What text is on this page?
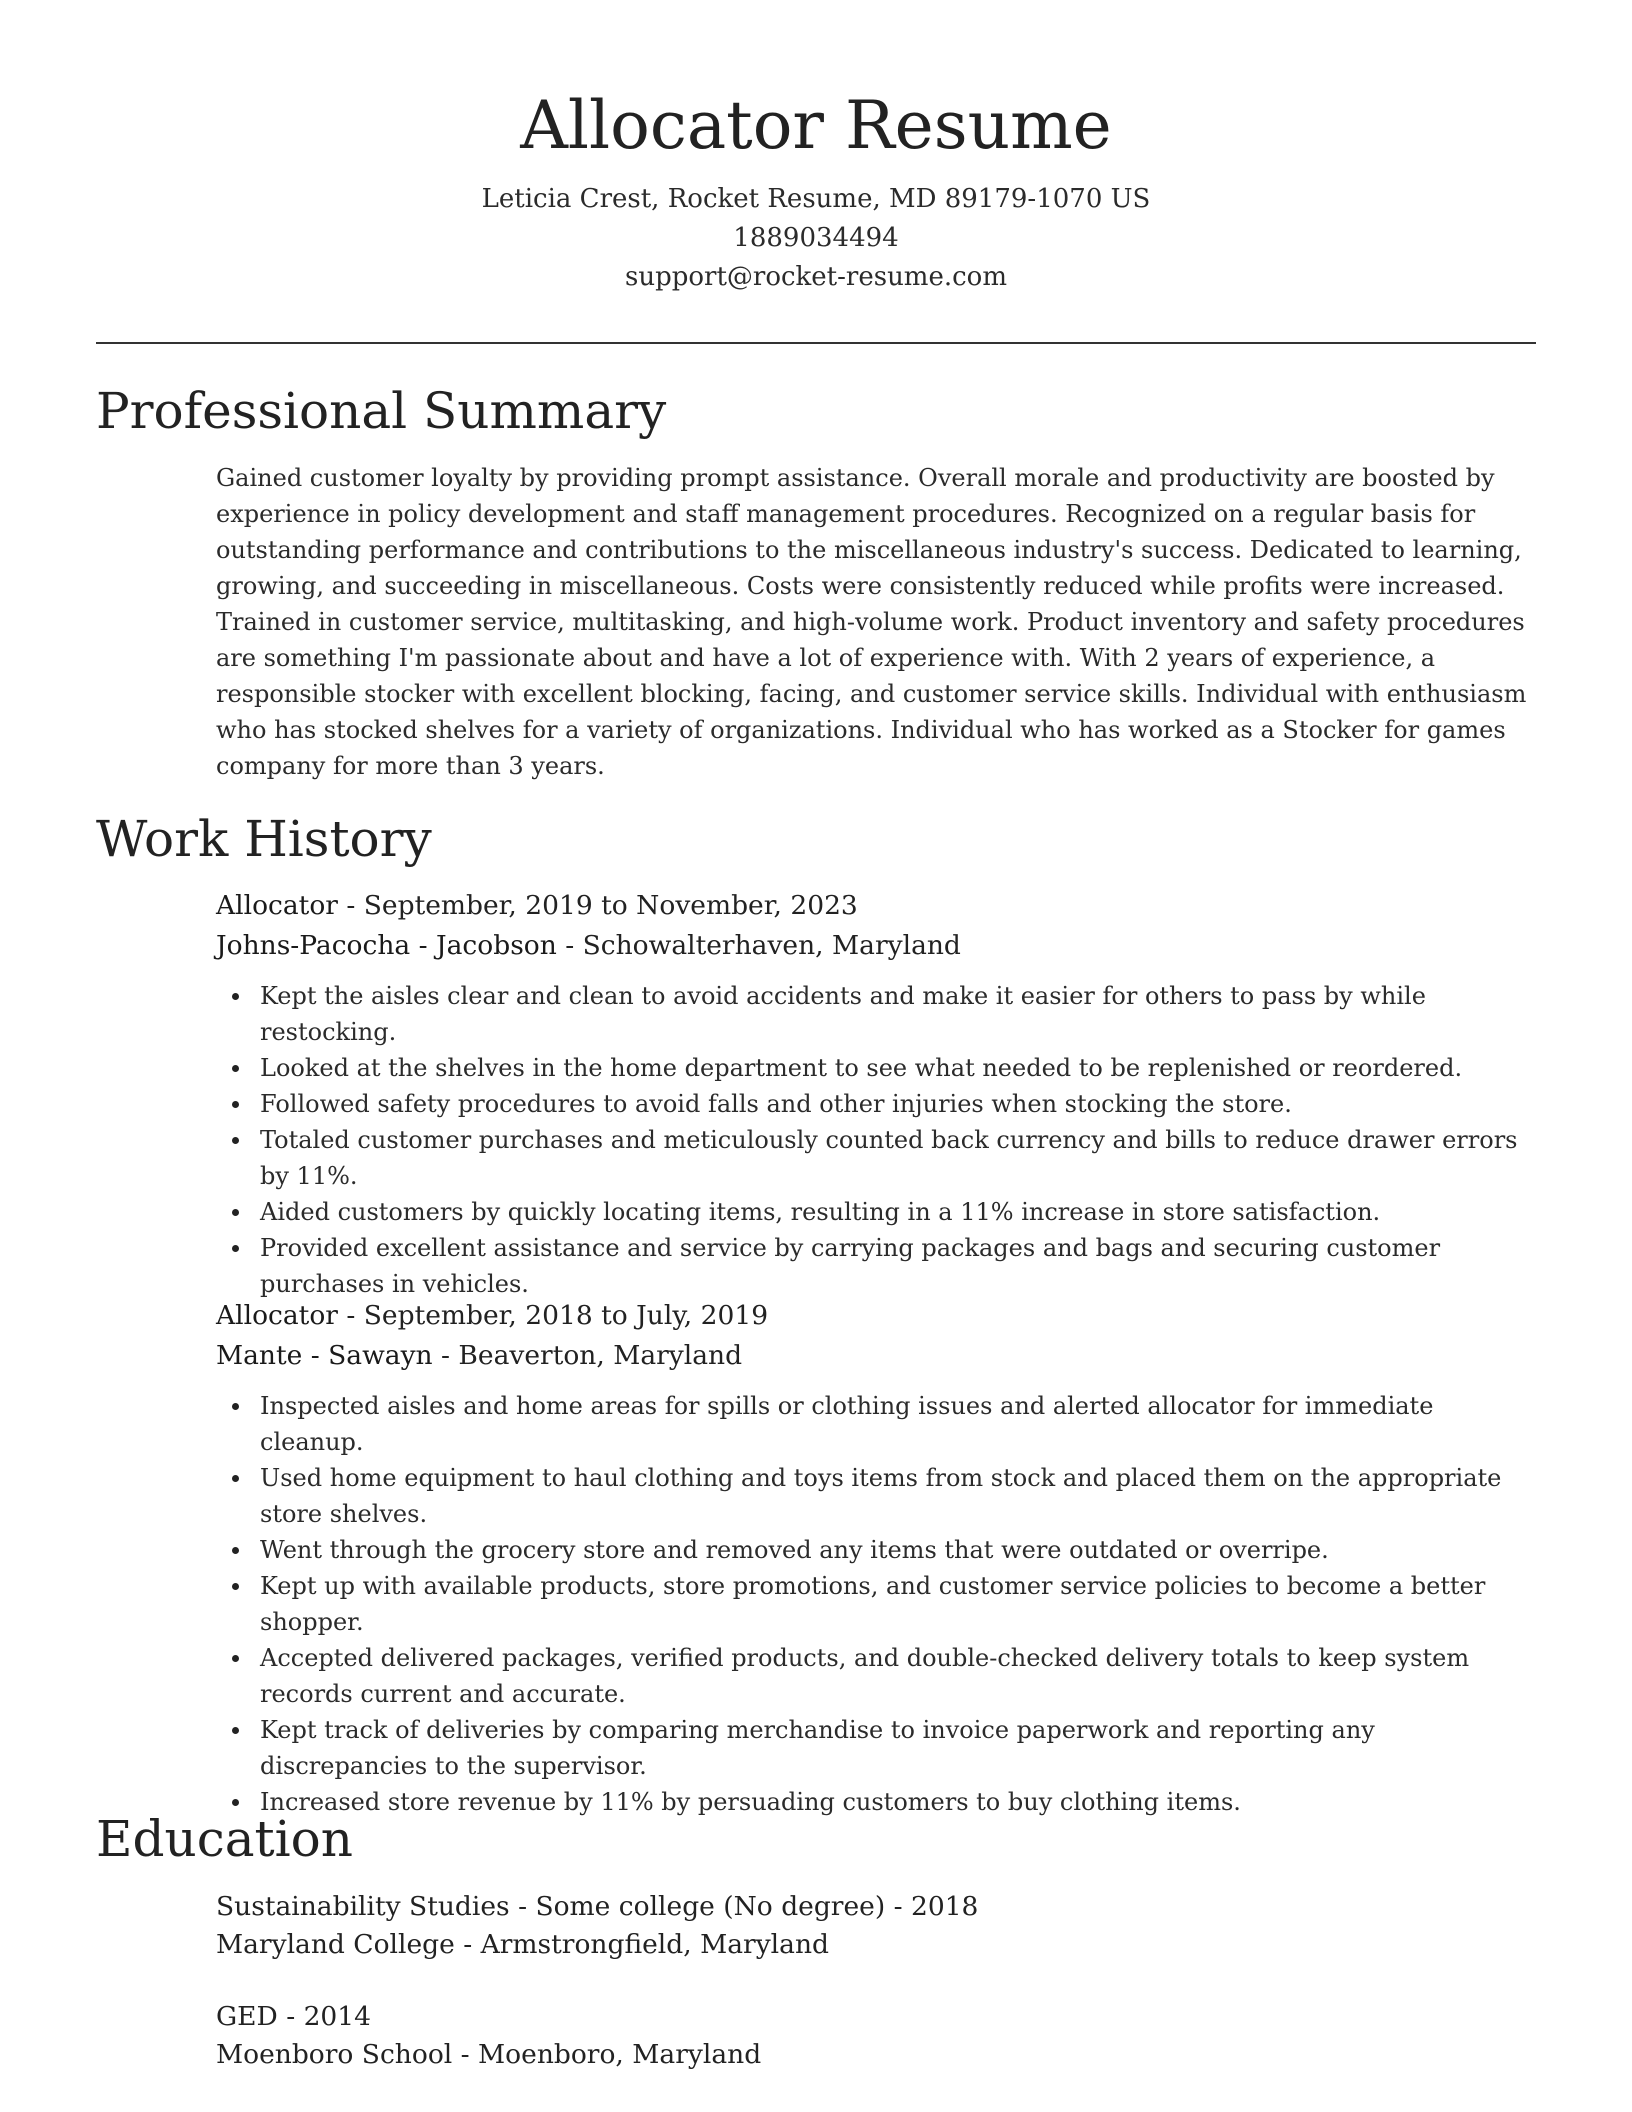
Allocator Resume
Leticia Crest, Rocket Resume, MD 89179-1070 US
1889034494
support@rocket-resume.com
Professional Summary

Gained customer loyalty by providing prompt assistance. Overall morale and productivity are boosted by experience in policy development and staff management procedures. Recognized on a regular basis for outstanding performance and contributions to the miscellaneous industry's success. Dedicated to learning, growing, and succeeding in miscellaneous. Costs were consistently reduced while profits were increased. Trained in customer service, multitasking, and high-volume work. Product inventory and safety procedures are something I'm passionate about and have a lot of experience with. With 2 years of experience, a responsible stocker with excellent blocking, facing, and customer service skills. Individual with enthusiasm who has stocked shelves for a variety of organizations. Individual who has worked as a Stocker for games company for more than 3 years.

Work History
Allocator - September, 2019 to November, 2023
Johns-Pacocha - Jacobson - Schowalterhaven, Maryland
Kept the aisles clear and clean to avoid accidents and make it easier for others to pass by while restocking.
Looked at the shelves in the home department to see what needed to be replenished or reordered.
Followed safety procedures to avoid falls and other injuries when stocking the store.
Totaled customer purchases and meticulously counted back currency and bills to reduce drawer errors by 11%.
Aided customers by quickly locating items, resulting in a 11% increase in store satisfaction.
Provided excellent assistance and service by carrying packages and bags and securing customer purchases in vehicles.
Allocator - September, 2018 to July, 2019
Mante - Sawayn - Beaverton, Maryland
Inspected aisles and home areas for spills or clothing issues and alerted allocator for immediate cleanup.
Used home equipment to haul clothing and toys items from stock and placed them on the appropriate store shelves.
Went through the grocery store and removed any items that were outdated or overripe.
Kept up with available products, store promotions, and customer service policies to become a better shopper.
Accepted delivered packages, verified products, and double-checked delivery totals to keep system records current and accurate.
Kept track of deliveries by comparing merchandise to invoice paperwork and reporting any discrepancies to the supervisor.
Increased store revenue by 11% by persuading customers to buy clothing items.
Education
Sustainability Studies - Some college (No degree) - 2018
Maryland College - Armstrongfield, Maryland
GED - 2014
Moenboro School - Moenboro, Maryland
